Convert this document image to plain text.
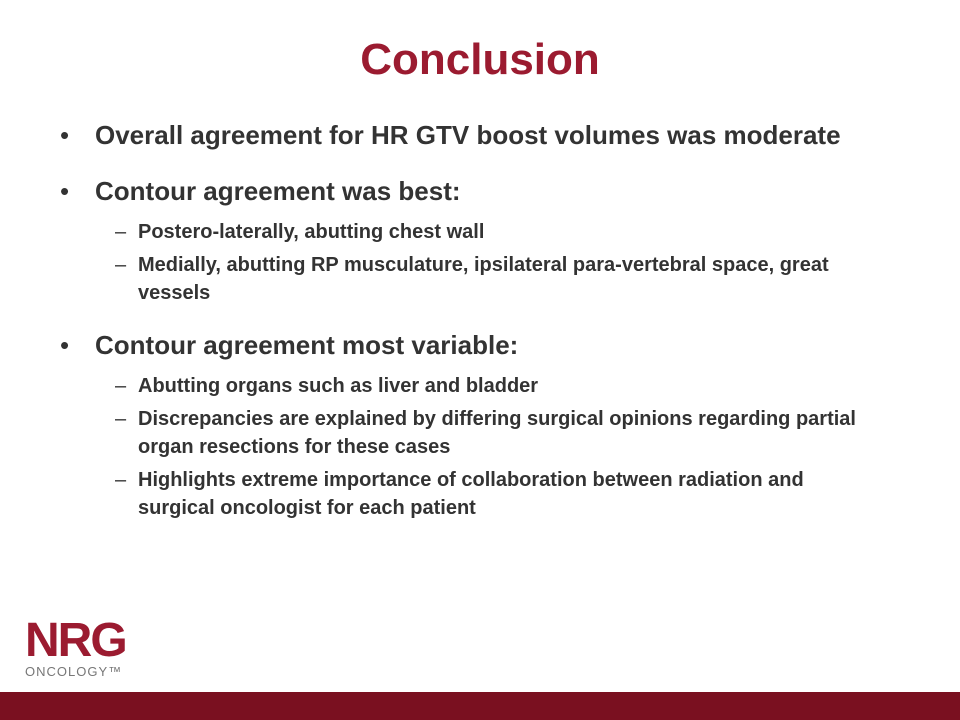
Conclusion
• Overall agreement for HR GTV boost volumes was moderate
• Contour agreement was best:
– Postero-laterally, abutting chest wall
– Medially, abutting RP musculature, ipsilateral para-vertebral space, great vessels
• Contour agreement most variable:
– Abutting organs such as liver and bladder
– Discrepancies are explained by differing surgical opinions regarding partial organ resections for these cases
– Highlights extreme importance of collaboration between radiation and surgical oncologist for each patient
NRG
ONCOLOGY™
